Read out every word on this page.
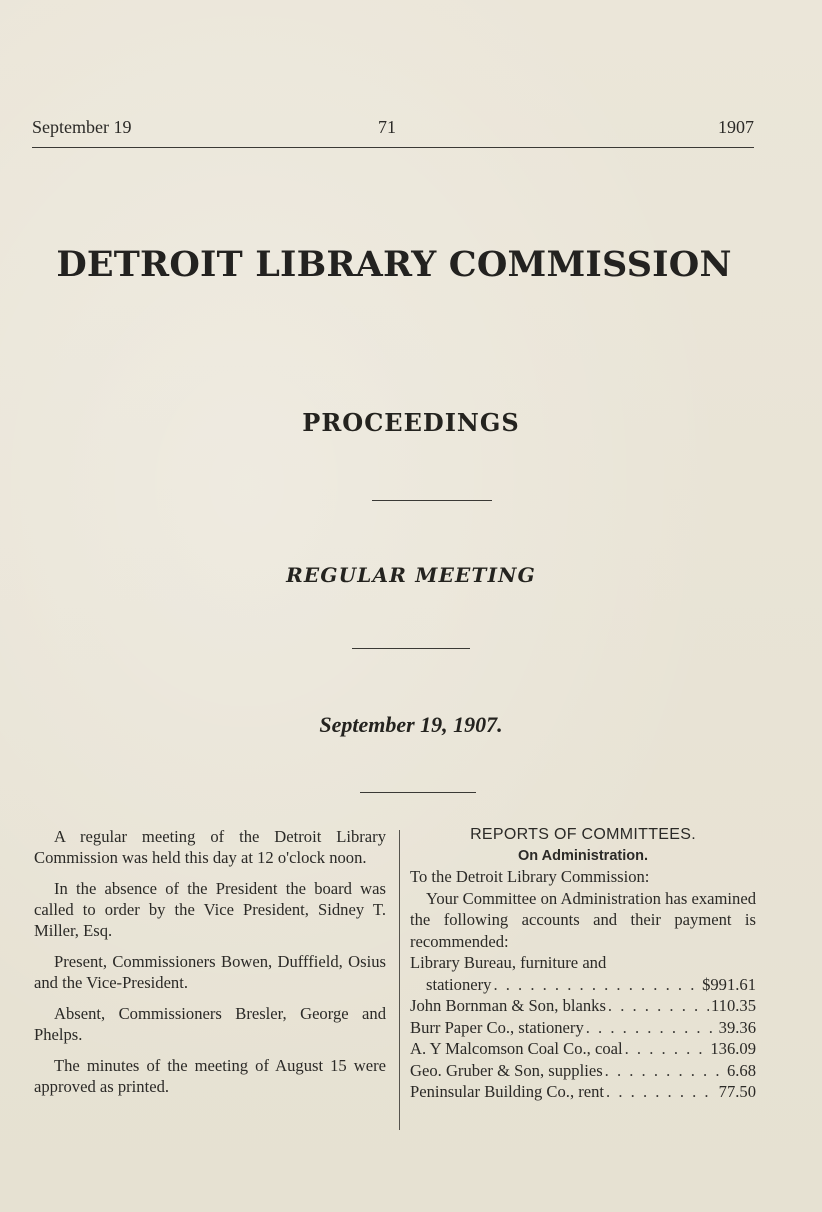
September 19	71	1907
DETROIT LIBRARY COMMISSION
PROCEEDINGS
REGULAR MEETING
September 19, 1907.

A regular meeting of the Detroit Library Commission was held this day at 12 o'clock noon.

In the absence of the President the board was called to order by the Vice President, Sidney T. Miller, Esq.

Present, Commissioners Bowen, Dufffield, Osius and the Vice-President.

Absent, Commissioners Bresler, George and Phelps.

The minutes of the meeting of August 15 were approved as printed.

REPORTS OF COMMITTEES.

On Administration.

To the Detroit Library Commission:

Your Committee on Administration has examined the following accounts and their payment is recommended:

Library Bureau, furniture and
stationery . . .	$991.61
John Bornman & Son, blanks . . .	110.35
Burr Paper Co., stationery . . .	39.36
A. Y Malcomson Coal Co., coal . . .	136.09
Geo. Gruber & Son, supplies . . .	6.68
Peninsular Building Co., rent . . .	77.50
